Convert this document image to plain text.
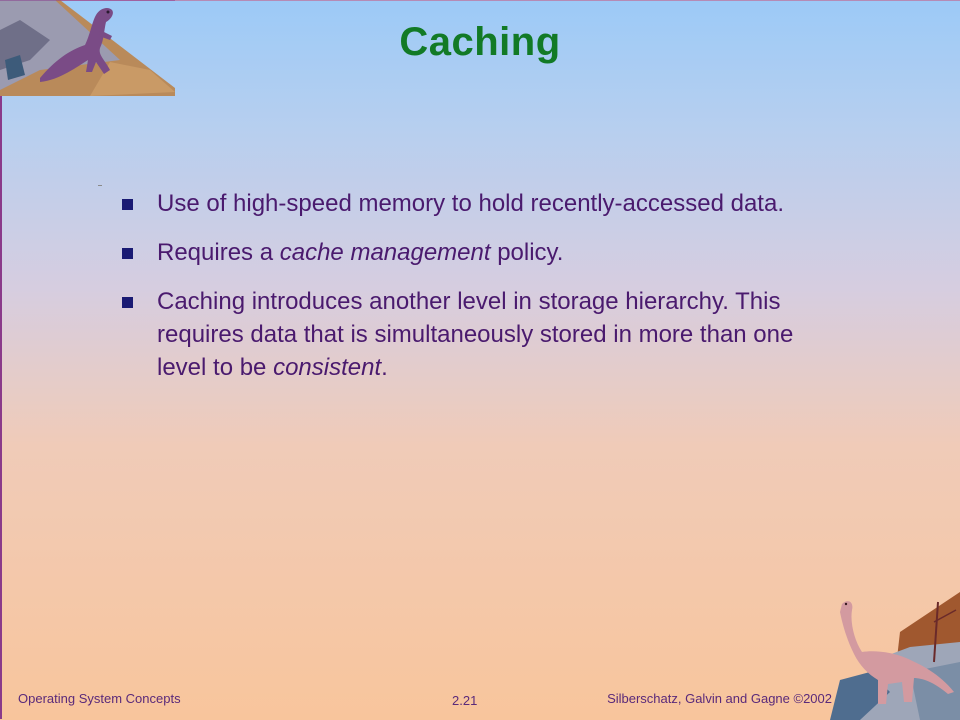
Caching
Use of high-speed memory to hold recently-accessed data.
Requires a cache management policy.
Caching introduces another level in storage hierarchy. This requires data that is simultaneously stored in more than one level to be consistent.
Operating System Concepts	2.21	Silberschatz, Galvin and Gagne ©2002
